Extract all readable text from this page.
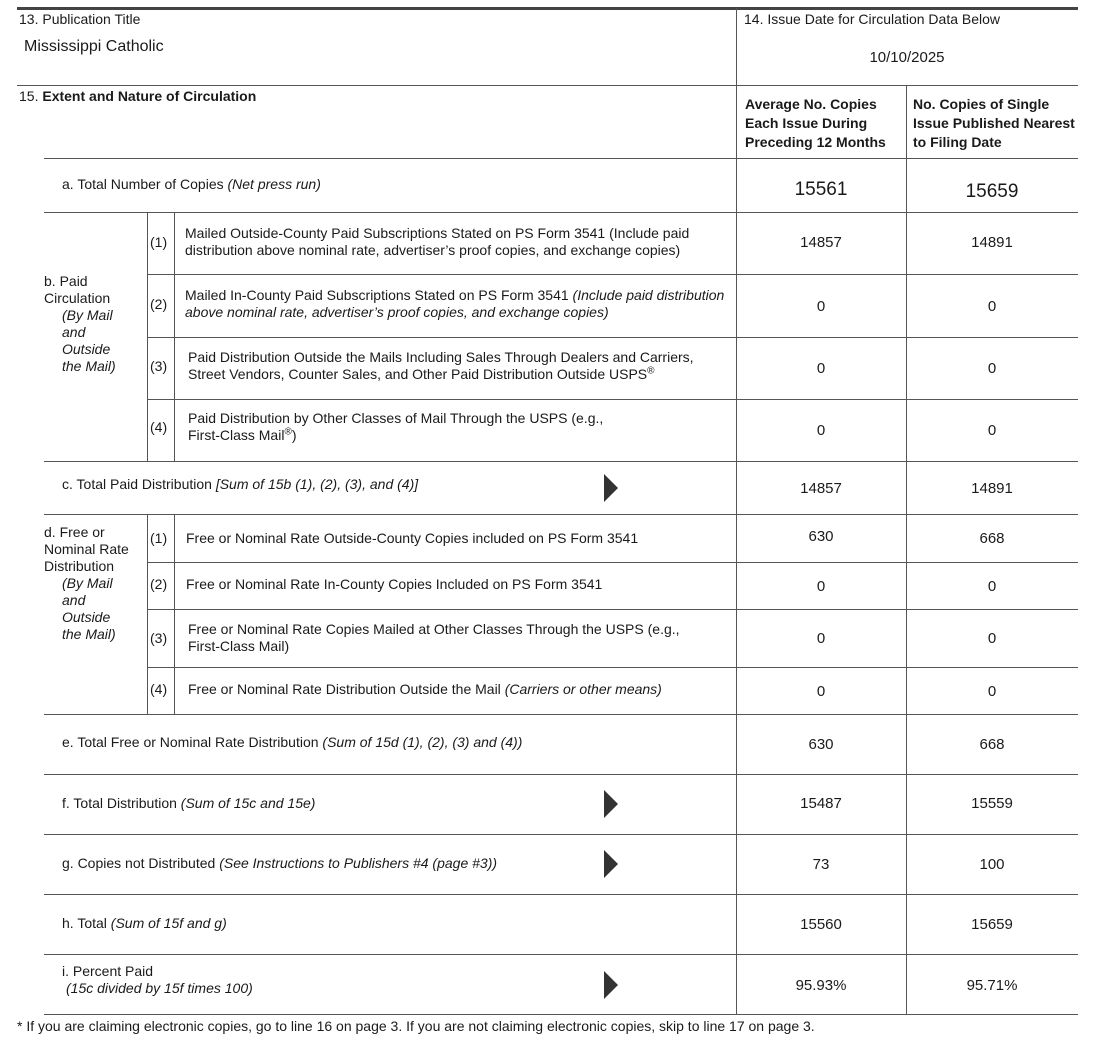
13. Publication Title
Mississippi Catholic
14. Issue Date for Circulation Data Below
10/10/2025
15. Extent and Nature of Circulation	Average No. Copies Each Issue During Preceding 12 Months
No. Copies of Single Issue Published Nearest to Filing Date
a. Total Number of Copies (Net press run)	15561	15659
b. Paid Circulation
(By Mail and Outside the Mail)
(1)
Mailed Outside-County Paid Subscriptions Stated on PS Form 3541 (Include paid distribution above nominal rate, advertiser’s proof copies, and exchange copies)	14857	14891
(2)
Mailed In-County Paid Subscriptions Stated on PS Form 3541 (Include paid distribution above nominal rate, advertiser’s proof copies, and exchange copies)	0	0
(3)
Paid Distribution Outside the Mails Including Sales Through Dealers and Carriers, Street Vendors, Counter Sales, and Other Paid Distribution Outside USPS®	0	0
(4)
Paid Distribution by Other Classes of Mail Through the USPS (e.g., First-Class Mail®)	0	0
c. Total Paid Distribution [Sum of 15b (1), (2), (3), and (4)]	14857	14891
d. Free or Nominal Rate Distribution
(By Mail and Outside the Mail)
(1) Free or Nominal Rate Outside-County Copies included on PS Form 3541	630	668
(2) Free or Nominal Rate In-County Copies Included on PS Form 3541	0	0
(3)
Free or Nominal Rate Copies Mailed at Other Classes Through the USPS (e.g., First-Class Mail)	0	0
(4) Free or Nominal Rate Distribution Outside the Mail (Carriers or other means)	0	0
e. Total Free or Nominal Rate Distribution (Sum of 15d (1), (2), (3) and (4))	630	668
f. Total Distribution (Sum of 15c and 15e)	15487	15559
g. Copies not Distributed (See Instructions to Publishers #4 (page #3))	73	100
h. Total (Sum of 15f and g)	15560	15659
i. Percent Paid
(15c divided by 15f times 100)	95.93%	95.71%
* If you are claiming electronic copies, go to line 16 on page 3. If you are not claiming electronic copies, skip to line 17 on page 3.
